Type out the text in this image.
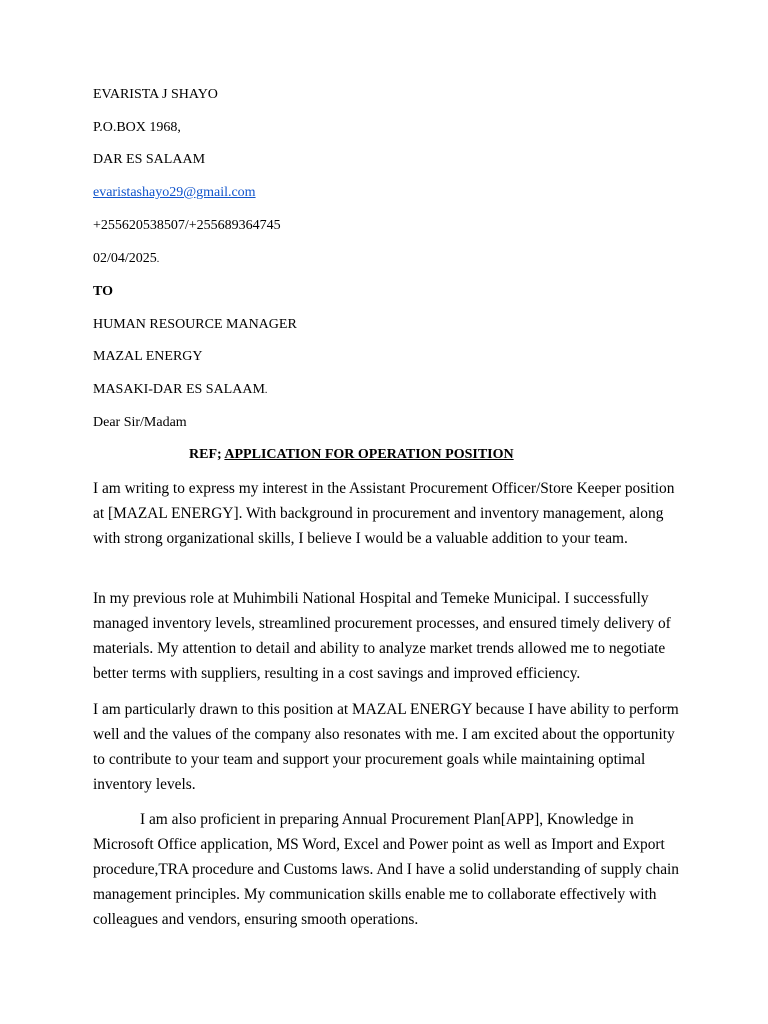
EVARISTA J SHAYO
P.O.BOX 1968,
DAR ES SALAAM
evaristashayo29@gmail.com
+255620538507/+255689364745
02/04/2025.
TO
HUMAN RESOURCE MANAGER
MAZAL ENERGY
MASAKI-DAR ES SALAAM.
Dear Sir/Madam
REF; APPLICATION FOR OPERATION POSITION

I am writing to express my interest in the Assistant Procurement Officer/Store Keeper position at [MAZAL ENERGY]. With background in procurement and inventory management, along with strong organizational skills, I believe I would be a valuable addition to your team.

In my previous role at Muhimbili National Hospital and Temeke Municipal. I successfully managed inventory levels, streamlined procurement processes, and ensured timely delivery of materials. My attention to detail and ability to analyze market trends allowed me to negotiate better terms with suppliers, resulting in a cost savings and improved efficiency.

I am particularly drawn to this position at MAZAL ENERGY because I have ability to perform well and the values of the company also resonates with me. I am excited about the opportunity to contribute to your team and support your procurement goals while maintaining optimal inventory levels.

I am also proficient in preparing Annual Procurement Plan[APP], Knowledge in Microsoft Office application, MS Word, Excel and Power point as well as Import and Export procedure,TRA procedure and Customs laws. And I have a solid understanding of supply chain management principles. My communication skills enable me to collaborate effectively with colleagues and vendors, ensuring smooth operations.
